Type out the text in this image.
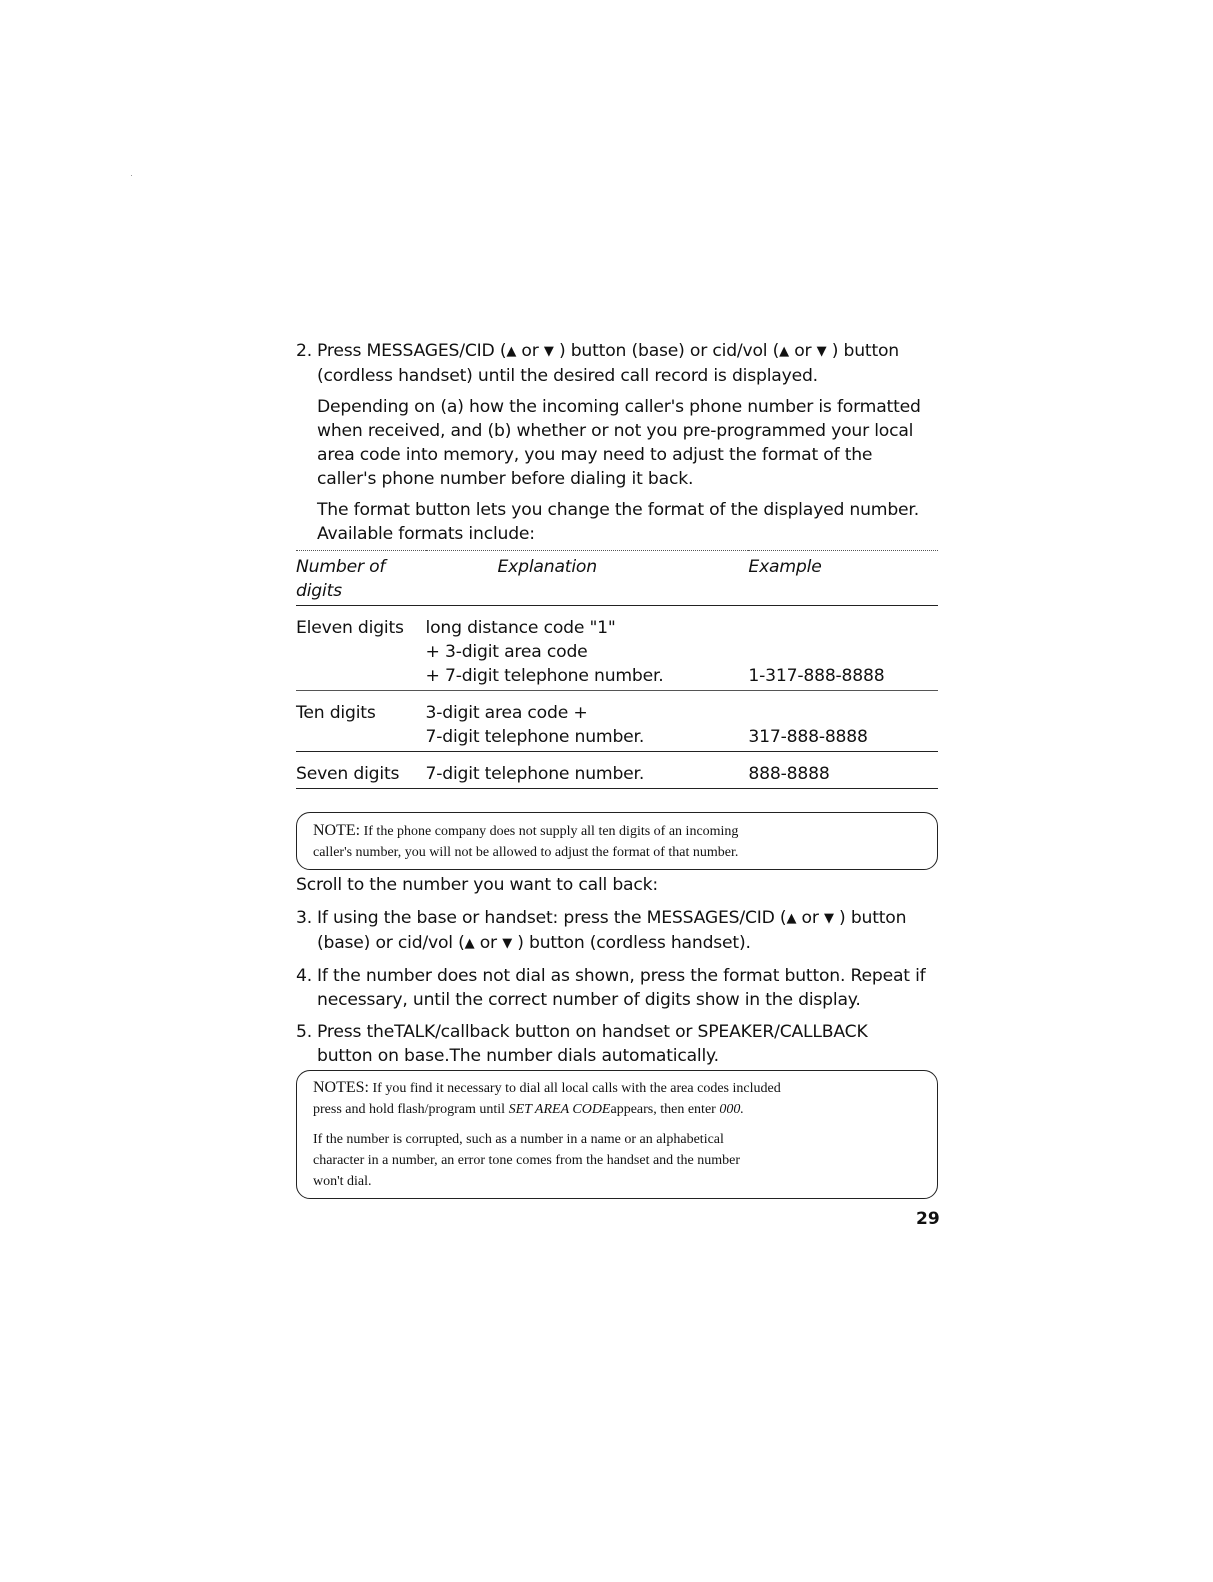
2. Press MESSAGES/CID (▲ or ▼ ) button (base) or cid/vol (▲ or ▼ ) button
(cordless handset) until the desired call record is displayed.
Depending on (a) how the incoming caller's phone number is formatted
when received, and (b) whether or not you pre-programmed your local
area code into memory, you may need to adjust the format of the
caller's phone number before dialing it back.
The format button lets you change the format of the displayed number.
Available formats include:
Number of digits	Explanation	Example
Eleven digits	long distance code "1"
+ 3-digit area code
+ 7-digit telephone number.	1-317-888-8888
Ten digits	3-digit area code +
7-digit telephone number.	317-888-8888
Seven digits	7-digit telephone number.	888-8888
NOTE: If the phone company does not supply all ten digits of an incoming
caller's number, you will not be allowed to adjust the format of that number.
Scroll to the number you want to call back:
3. If using the base or handset: press the MESSAGES/CID (▲ or ▼ ) button
(base) or cid/vol (▲ or ▼ ) button (cordless handset).
4. If the number does not dial as shown, press the format button. Repeat if
necessary, until the correct number of digits show in the display.
5. Press theTALK/callback button on handset or SPEAKER/CALLBACK
button on base.The number dials automatically.
NOTES: If you find it necessary to dial all local calls with the area codes included
press and hold flash/program until SET AREA CODEappears, then enter 000.
If the number is corrupted, such as a number in a name or an alphabetical
character in a number, an error tone comes from the handset and the number
won't dial.
29
